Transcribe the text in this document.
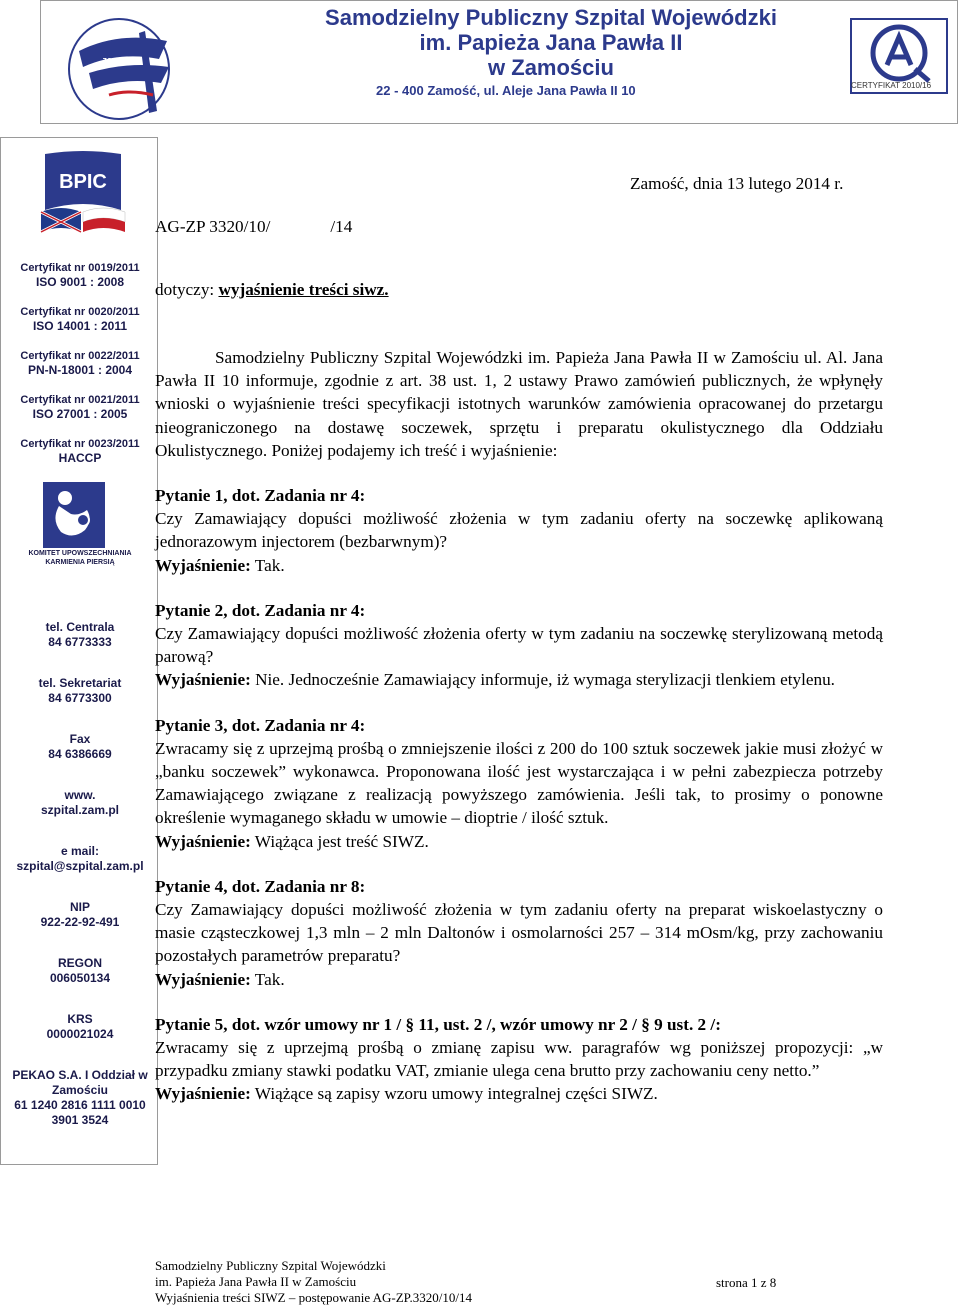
zamość
Samodzielny Publiczny Szpital Wojewódzki
im. Papieża Jana Pawła II
w Zamościu
22 - 400 Zamość, ul. Aleje Jana Pawła II 10	CERTYFIKAT 2010/16
BPIC
Certyfikat nr 0019/2011
ISO 9001 : 2008
Certyfikat nr 0020/2011
ISO 14001 : 2011
Certyfikat nr 0022/2011
PN-N-18001 : 2004
Certyfikat nr 0021/2011
ISO 27001 : 2005
Certyfikat nr 0023/2011
HACCP
KOMITET UPOWSZECHNIANIA KARMIENIA PIERSIĄ
tel. Centrala
84 6773333
tel. Sekretariat
84 6773300
Fax
84 6386669
www.
szpital.zam.pl
e mail:
szpital@szpital.zam.pl
NIP
922-22-92-491
REGON
006050134
KRS
0000021024
PEKAO S.A. I Oddział w Zamościu
61 1240 2816 1111 0010 3901 3524
Zamość, dnia 13 lutego 2014 r.
AG-ZP 3320/10/	/14
dotyczy: wyjaśnienie treści siwz.

Samodzielny Publiczny Szpital Wojewódzki im. Papieża Jana Pawła II w Zamościu ul. Al. Jana Pawła II 10 informuje, zgodnie z art. 38 ust. 1, 2 ustawy Prawo zamówień publicznych, że wpłynęły wnioski o wyjaśnienie treści specyfikacji istotnych warunków zamówienia opracowanej do przetargu nieograniczonego na dostawę soczewek, sprzętu i preparatu okulistycznego dla Oddziału Okulistycznego. Poniżej podajemy ich treść i wyjaśnienie:

Pytanie 1, dot. Zadania nr 4:

Czy Zamawiający dopuści możliwość złożenia w tym zadaniu oferty na soczewkę aplikowaną jednorazowym injectorem (bezbarwnym)?

Wyjaśnienie: Tak.

Pytanie 2, dot. Zadania nr 4:

Czy Zamawiający dopuści możliwość złożenia oferty w tym zadaniu na soczewkę sterylizowaną metodą parową?

Wyjaśnienie: Nie. Jednocześnie Zamawiający informuje, iż wymaga sterylizacji tlenkiem etylenu.

Pytanie 3, dot. Zadania nr 4:

Zwracamy się z uprzejmą prośbą o zmniejszenie ilości z 200 do 100 sztuk soczewek jakie musi złożyć w „banku soczewek” wykonawca. Proponowana ilość jest wystarczająca i w pełni zabezpiecza potrzeby Zamawiającego związane z realizacją powyższego zamówienia. Jeśli tak, to prosimy o ponowne określenie wymaganego składu w umowie – dioptrie / ilość sztuk.

Wyjaśnienie: Wiążąca jest treść SIWZ.

Pytanie 4, dot. Zadania nr 8:

Czy Zamawiający dopuści możliwość złożenia w tym zadaniu oferty na preparat wiskoelastyczny o masie cząsteczkowej 1,3 mln – 2 mln Daltonów i osmolarności 257 – 314 mOsm/kg, przy zachowaniu pozostałych parametrów preparatu?

Wyjaśnienie: Tak.

Pytanie 5, dot. wzór umowy nr 1 / § 11, ust. 2 /, wzór umowy nr 2 / § 9 ust. 2 /:

Zwracamy się z uprzejmą prośbą o zmianę zapisu ww. paragrafów wg poniższej propozycji: „w przypadku zmiany stawki podatku VAT, zmianie ulega cena brutto przy zachowaniu ceny netto.”

Wyjaśnienie: Wiążące są zapisy wzoru umowy integralnej części SIWZ.

Samodzielny Publiczny Szpital Wojewódzki
im. Papieża Jana Pawła II w Zamościu
Wyjaśnienia treści SIWZ – postępowanie AG-ZP.3320/10/14
strona 1 z 8
